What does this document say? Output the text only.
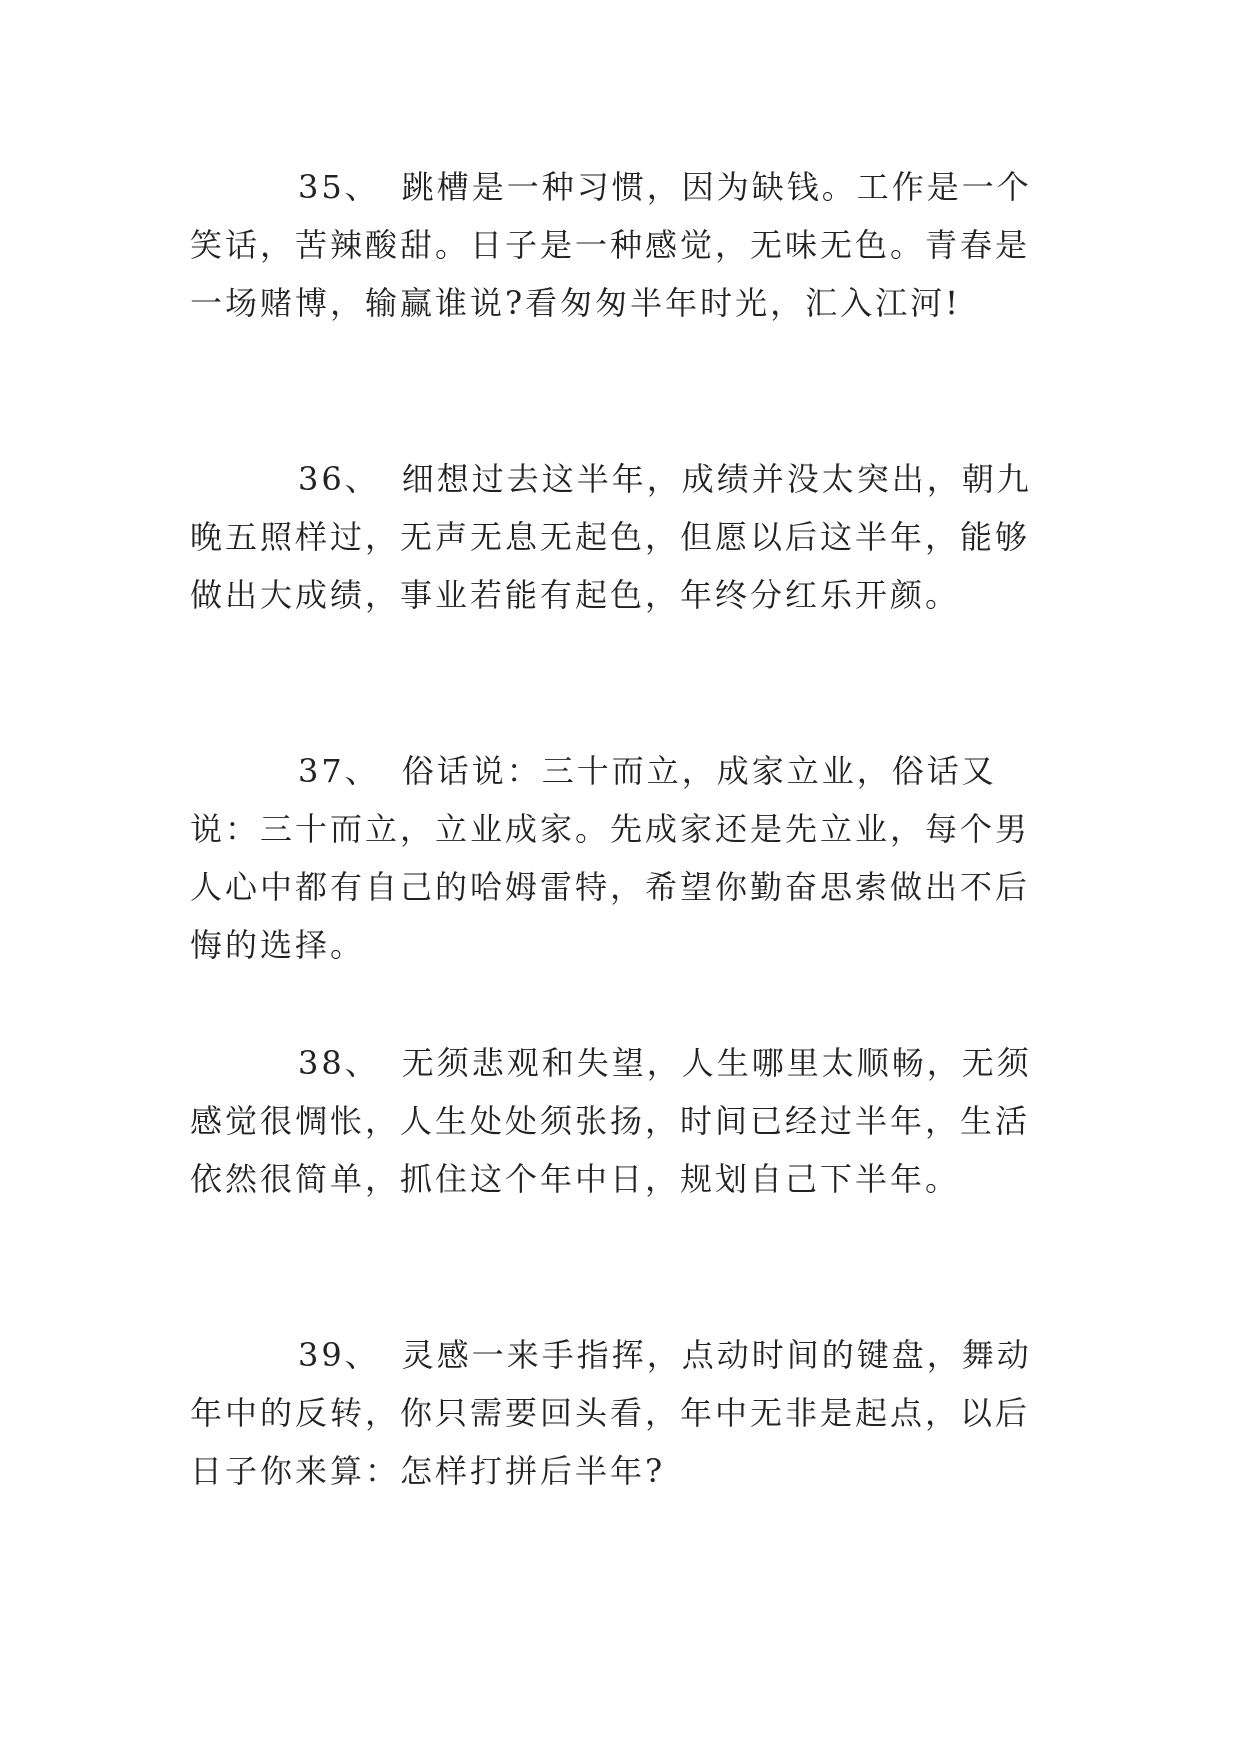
35、 跳槽是一种习惯，因为缺钱。工作是一个笑话，苦辣酸甜。日子是一种感觉，无味无色。青春是一场赌博，输赢谁说?看匆匆半年时光，汇入江河!

36、 细想过去这半年，成绩并没太突出，朝九晚五照样过，无声无息无起色，但愿以后这半年，能够做出大成绩，事业若能有起色，年终分红乐开颜。

37、 俗话说：三十而立，成家立业，俗话又说：三十而立，立业成家。先成家还是先立业，每个男人心中都有自己的哈姆雷特，希望你勤奋思索做出不后悔的选择。

38、 无须悲观和失望，人生哪里太顺畅，无须感觉很惆怅，人生处处须张扬，时间已经过半年，生活依然很简单，抓住这个年中日，规划自己下半年。

39、 灵感一来手指挥，点动时间的键盘，舞动年中的反转，你只需要回头看，年中无非是起点，以后日子你来算：怎样打拼后半年?
